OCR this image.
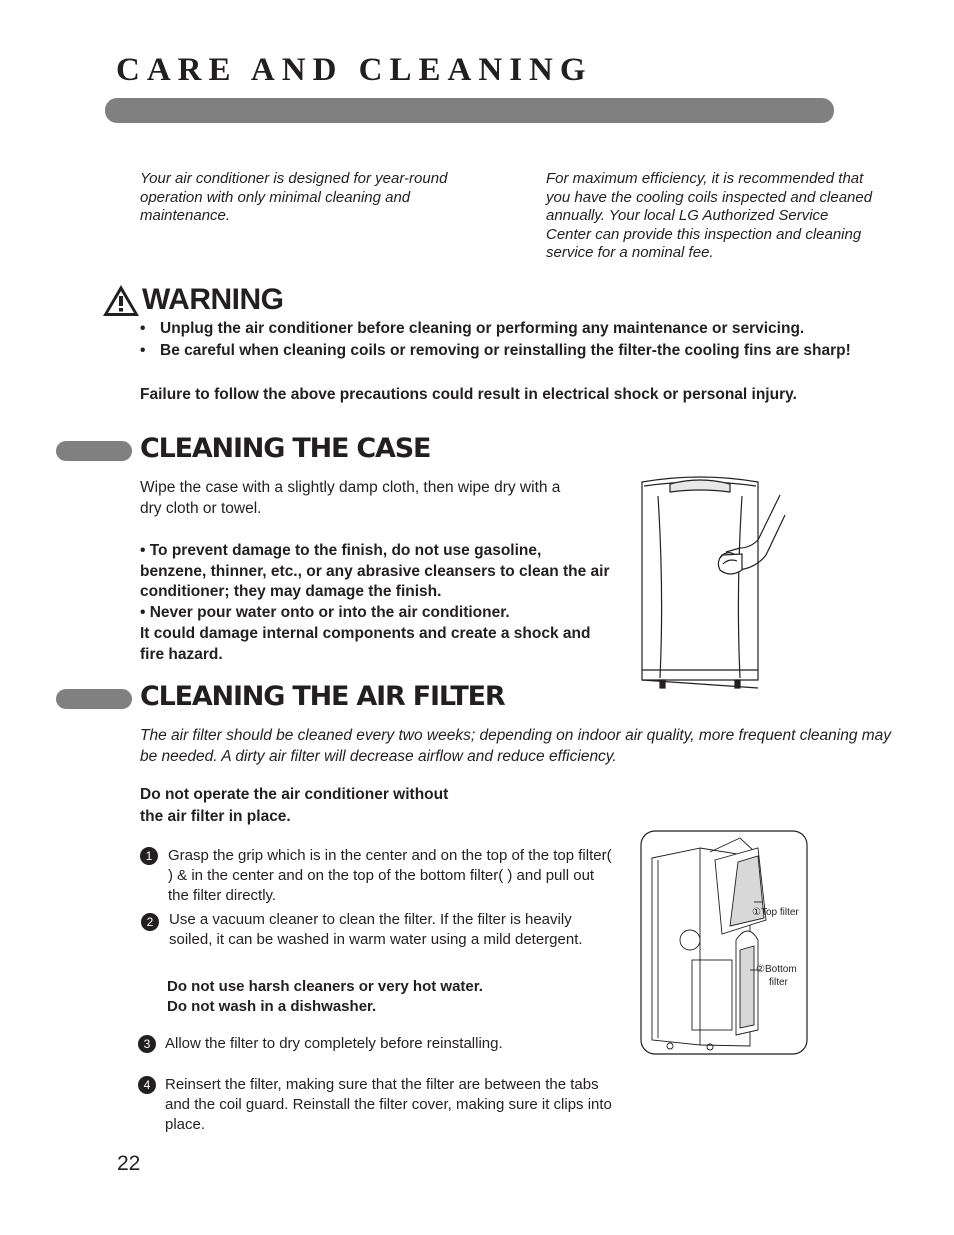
CARE AND CLEANING

Your air conditioner is designed for year-round operation with only minimal cleaning and maintenance.

For maximum efficiency, it is recommended that you have the cooling coils inspected and cleaned annually. Your local LG Authorized Service Center can provide this inspection and cleaning service for a nominal fee.

WARNING
• Unplug the air conditioner before cleaning or performing any maintenance or servicing.
• Be careful when cleaning coils or removing or reinstalling the filter-the cooling fins are sharp!

Failure to follow the above precautions could result in electrical shock or personal injury.

CLEANING THE CASE

Wipe the case with a slightly damp cloth, then wipe dry with a dry cloth or towel.

• To prevent damage to the finish, do not use gasoline, benzene, thinner, etc., or any abrasive cleansers to clean the air conditioner; they may damage the finish.

• Never pour water onto or into the air conditioner.

It could damage internal components and create a shock and fire hazard.

CLEANING THE AIR FILTER

The air filter should be cleaned every two weeks; depending on indoor air quality, more frequent cleaning may be needed. A dirty air filter will decrease airflow and reduce efficiency.

Do not operate the air conditioner without

the air filter in place.

1	Grasp the grip which is in the center and on the top of the top filter( ) & in the center and on the top of the bottom filter( ) and pull out the filter directly.

2	Use a vacuum cleaner to clean the filter. If the filter is heavily soiled, it can be washed in warm water using a mild detergent.

Do not use harsh cleaners or very hot water.
Do not wash in a dishwasher.
3 Allow the filter to dry completely before reinstalling.

4 Reinsert the filter, making sure that the filter are between the tabs and the coil guard. Reinstall the filter cover, making sure it clips into place.

①Top filter

②Bottom

filter

22
